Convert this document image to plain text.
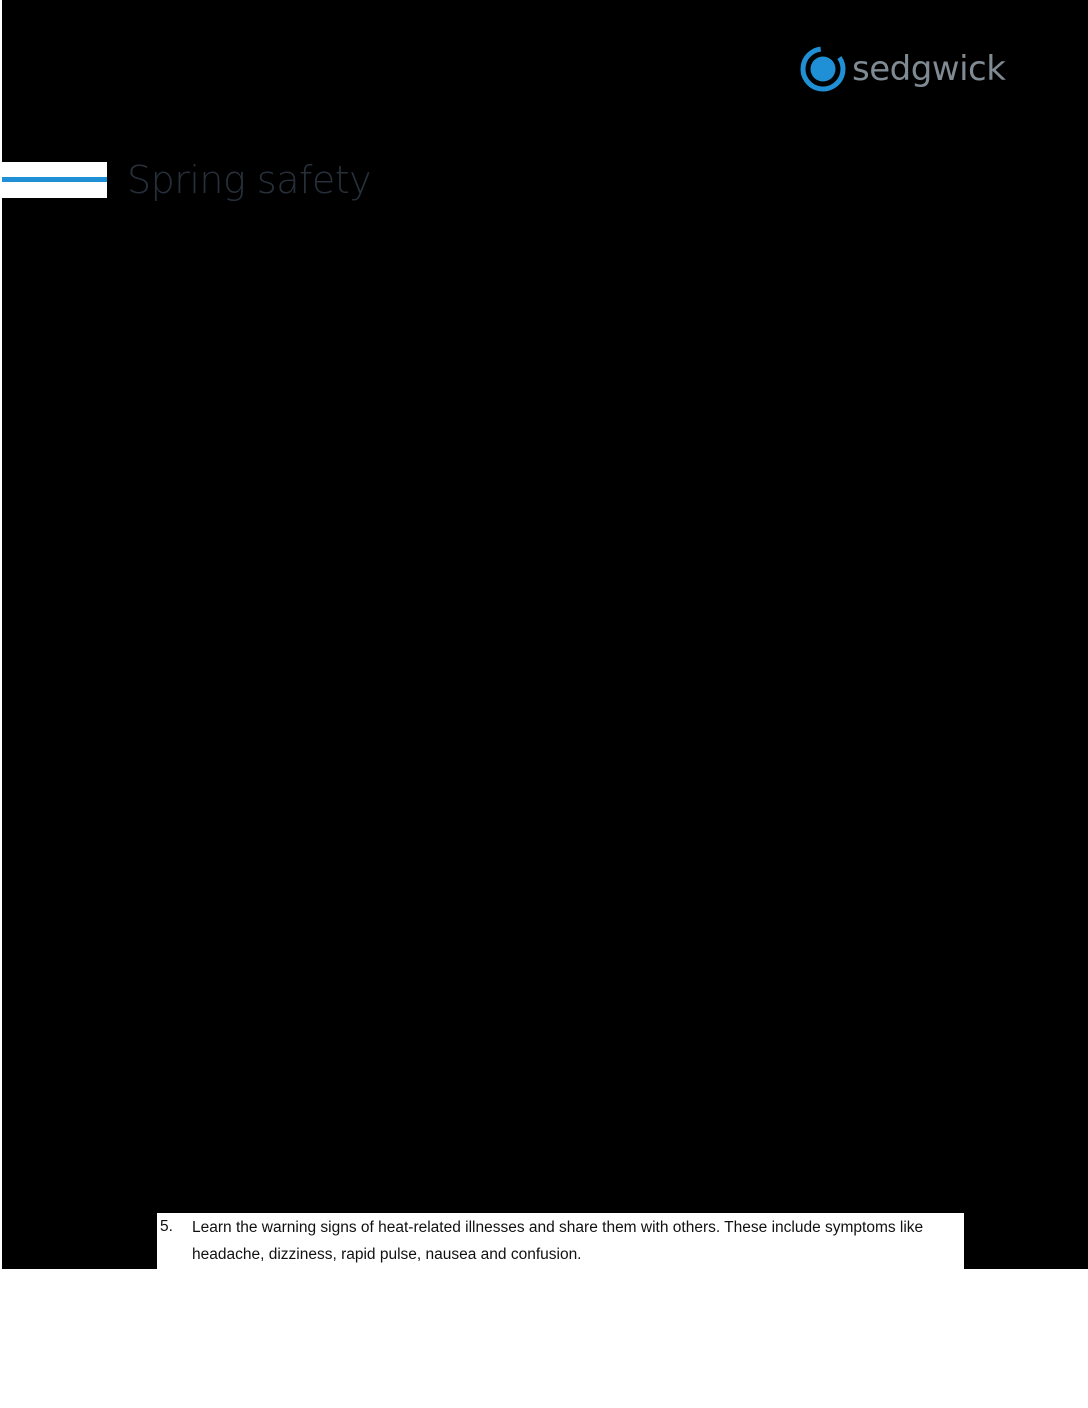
sedgwick
Spring safety
5. Learn the warning signs of heat-related illnesses and share them with others. These include symptoms like headache, dizziness, rapid pulse, nausea and confusion.
